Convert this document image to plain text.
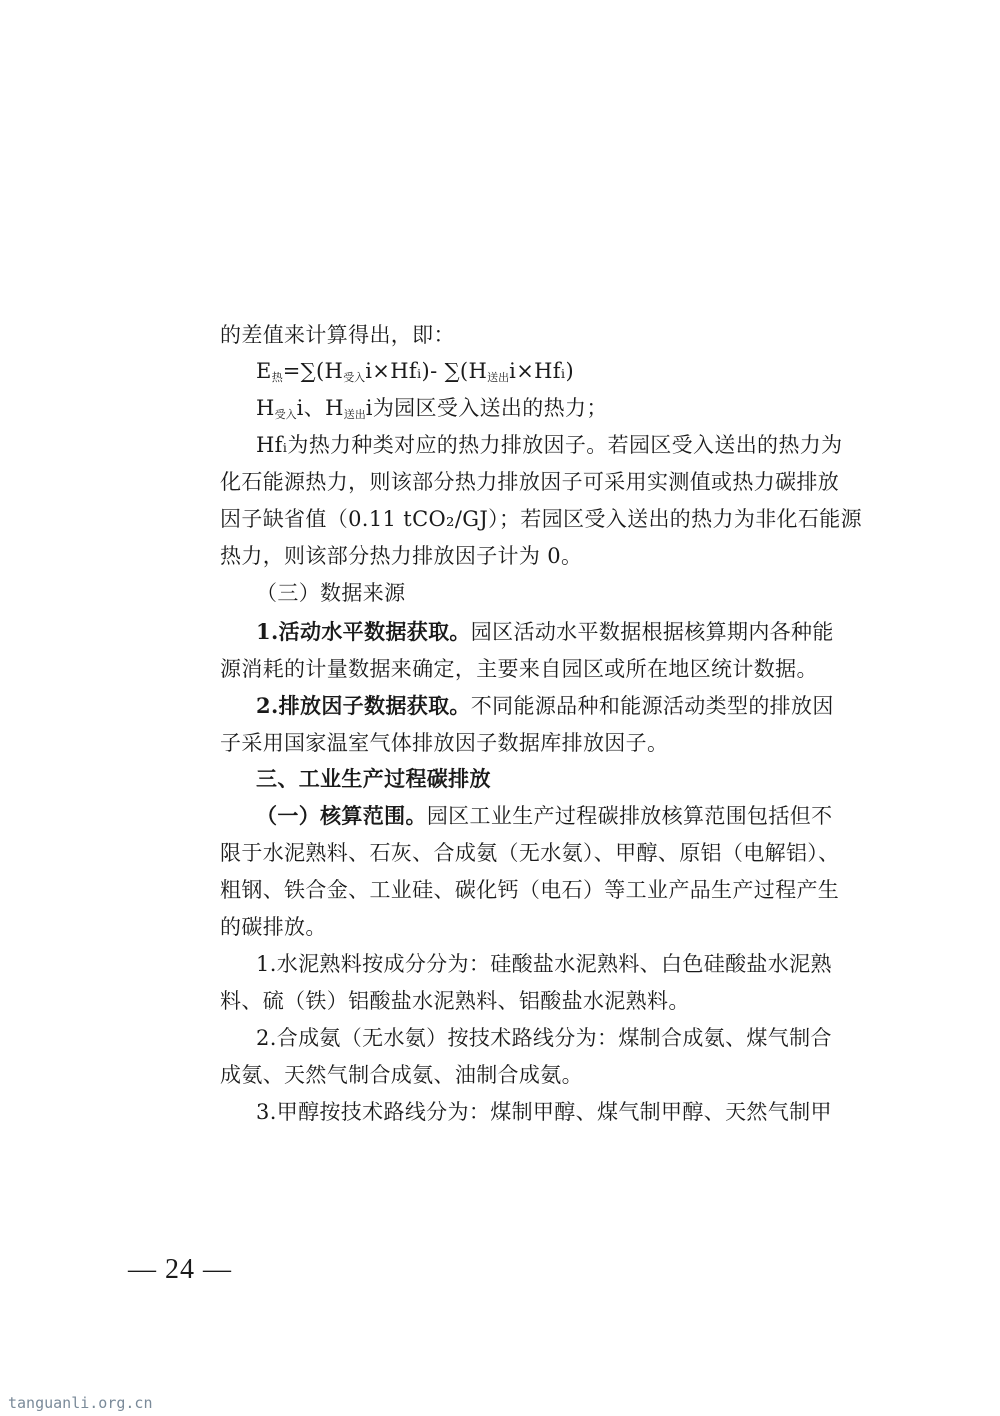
的差值来计算得出，即：

$E_热=\sum(H_{受入}i\times Hfᵢ)-$ $\sum(H_{送出}i\times Hfᵢ)$

$H_{受入}i$、$H_{送出}i$为园区受入送出的热力；

Hfᵢ为热力种类对应的热力排放因子。若园区受入送出的热力为

化石能源热力，则该部分热力排放因子可采用实测值或热力碳排放

因子缺省值（0.11 tCO₂/GJ）；若园区受入送出的热力为非化石能源

热力，则该部分热力排放因子计为 0。

（三）数据来源

1.活动水平数据获取。园区活动水平数据根据核算期内各种能

源消耗的计量数据来确定，主要来自园区或所在地区统计数据。

2.排放因子数据获取。不同能源品种和能源活动类型的排放因

子采用国家温室气体排放因子数据库排放因子。

三、工业生产过程碳排放

（一）核算范围。园区工业生产过程碳排放核算范围包括但不

限于水泥熟料、石灰、合成氨（无水氨）、甲醇、原铝（电解铝）、

粗钢、铁合金、工业硅、碳化钙（电石）等工业产品生产过程产生

的碳排放。

1.水泥熟料按成分分为：硅酸盐水泥熟料、白色硅酸盐水泥熟

料、硫（铁）铝酸盐水泥熟料、铝酸盐水泥熟料。

2.合成氨（无水氨）按技术路线分为：煤制合成氨、煤气制合

成氨、天然气制合成氨、油制合成氨。

3.甲醇按技术路线分为：煤制甲醇、煤气制甲醇、天然气制甲

— 24 —

tanguanli.org.cn
